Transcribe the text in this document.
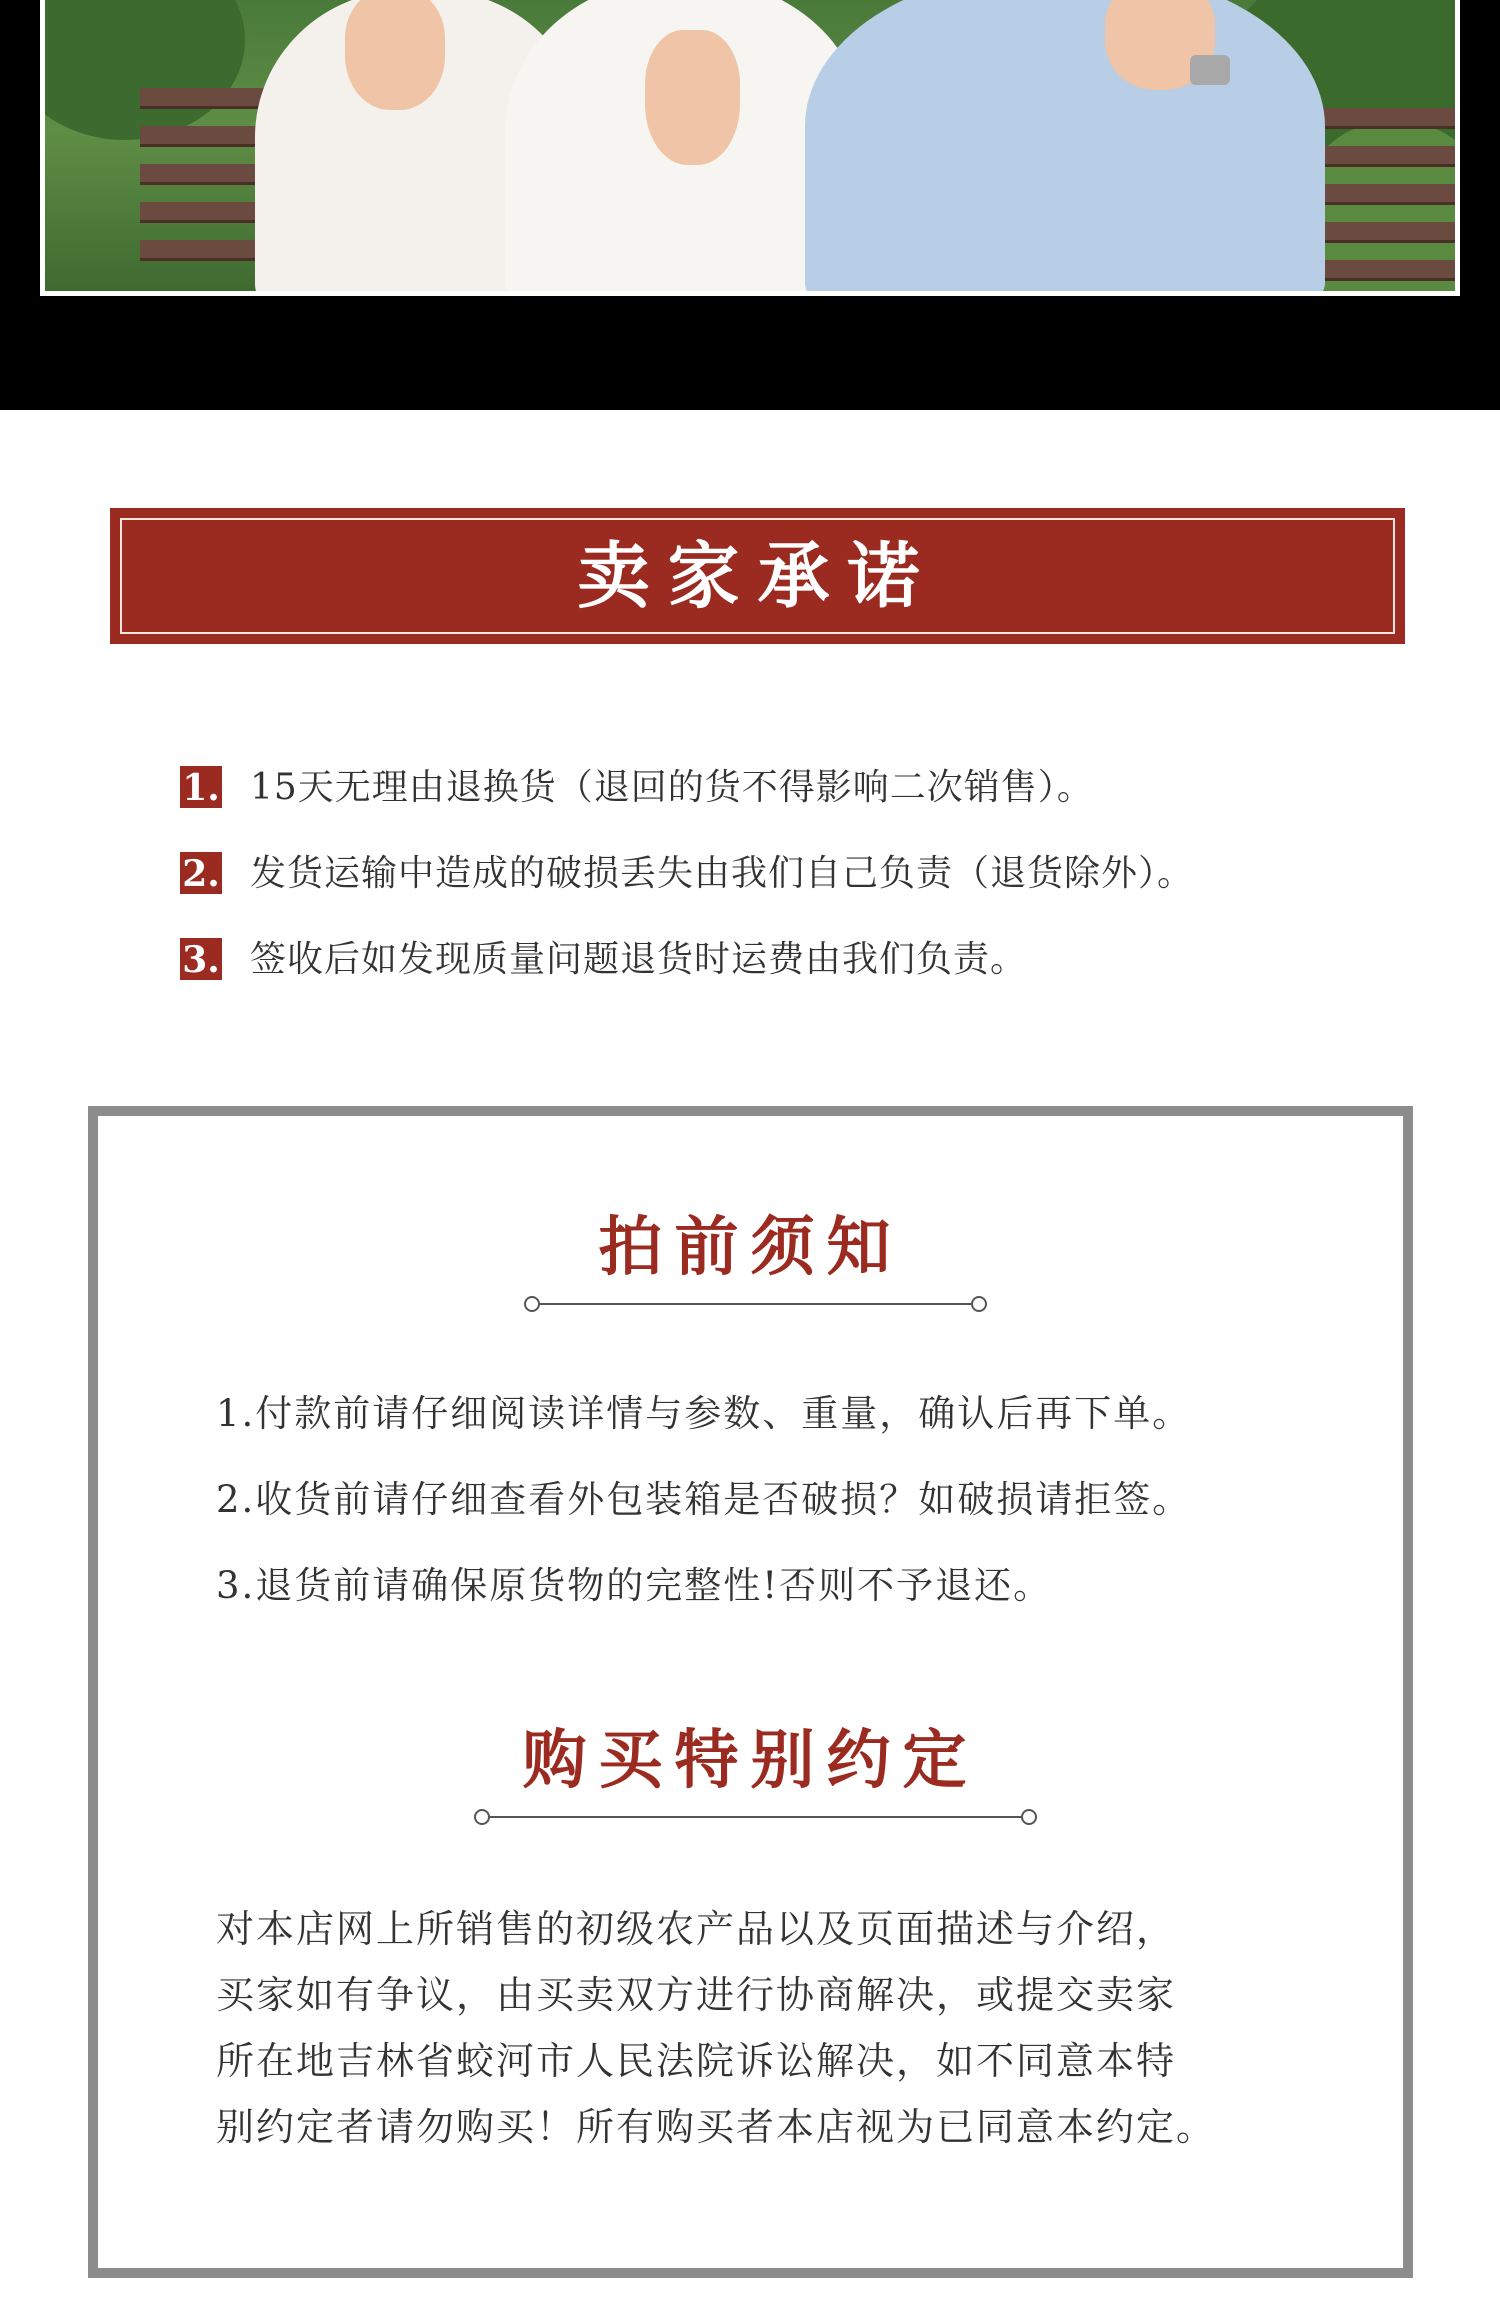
卖家承诺
1. 15天无理由退换货（退回的货不得影响二次销售）。
2. 发货运输中造成的破损丢失由我们自己负责（退货除外）。
3. 签收后如发现质量问题退货时运费由我们负责。
拍前须知
1.付款前请仔细阅读详情与参数、重量，确认后再下单。
2.收货前请仔细查看外包装箱是否破损？如破损请拒签。
3.退货前请确保原货物的完整性!否则不予退还。
购买特别约定
对本店网上所销售的初级农产品以及页面描述与介绍，
买家如有争议，由买卖双方进行协商解决，或提交卖家
所在地吉林省蛟河市人民法院诉讼解决，如不同意本特
别约定者请勿购买！所有购买者本店视为已同意本约定。
